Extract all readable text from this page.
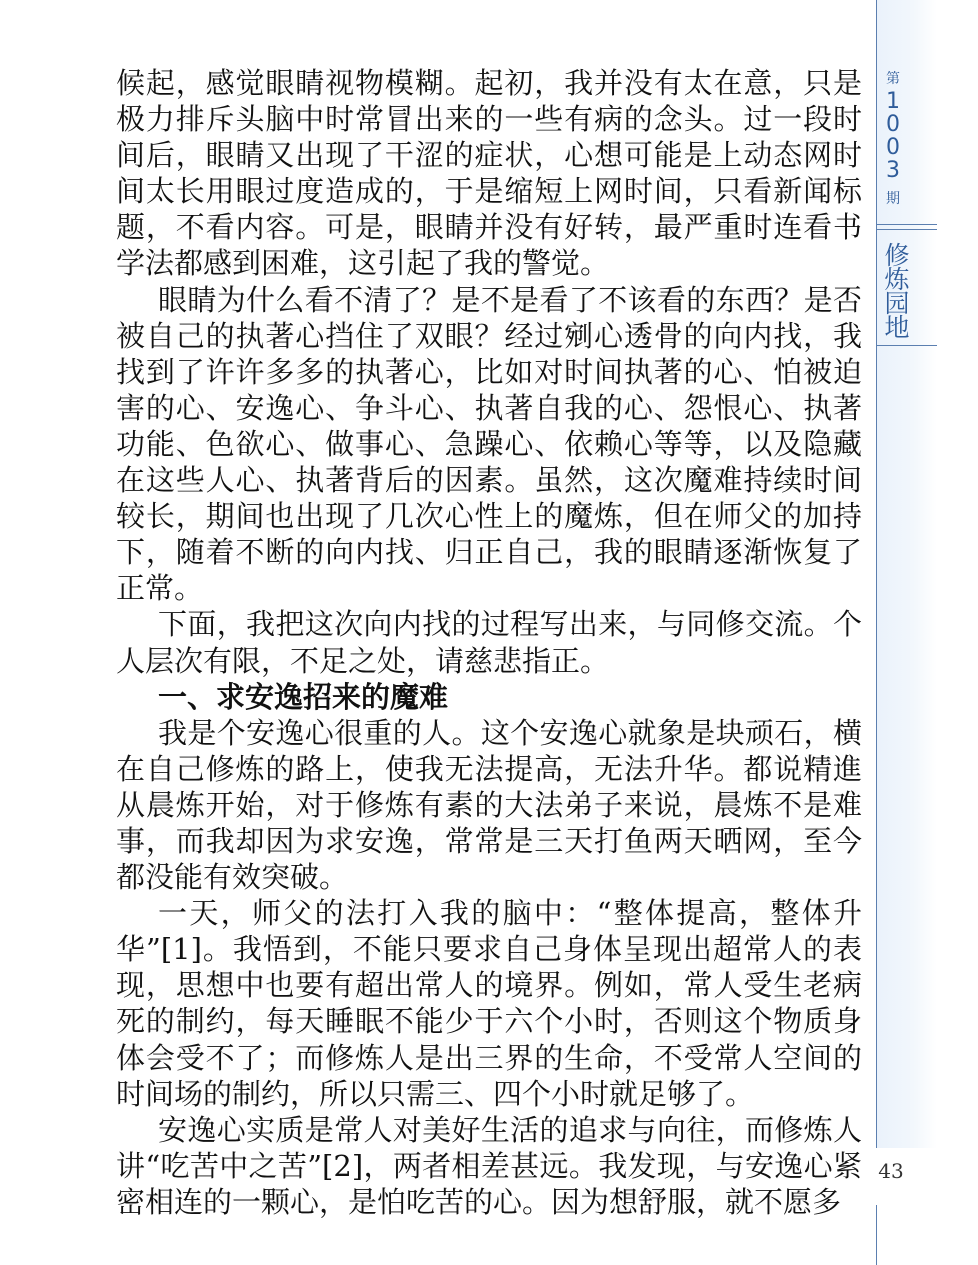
候起，感觉眼睛视物模糊。起初，我并没有太在意，只是极力排斥头脑中时常冒出来的一些有病的念头。过一段时间后，眼睛又出现了干涩的症状，心想可能是上动态网时间太长用眼过度造成的，于是缩短上网时间，只看新闻标题，不看内容。可是，眼睛并没有好转，最严重时连看书学法都感到困难，这引起了我的警觉。

眼睛为什么看不清了？是不是看了不该看的东西？是否被自己的执著心挡住了双眼？经过剜心透骨的向内找，我找到了许许多多的执著心，比如对时间执著的心、怕被迫害的心、安逸心、争斗心、执著自我的心、怨恨心、执著功能、色欲心、做事心、急躁心、依赖心等等，以及隐藏在这些人心、执著背后的因素。虽然，这次魔难持续时间较长，期间也出现了几次心性上的魔炼，但在师父的加持下，随着不断的向内找、归正自己，我的眼睛逐渐恢复了正常。

下面，我把这次向内找的过程写出来，与同修交流。个人层次有限，不足之处，请慈悲指正。

一、求安逸招来的魔难

我是个安逸心很重的人。这个安逸心就象是块顽石，横在自己修炼的路上，使我无法提高，无法升华。都说精進从晨炼开始，对于修炼有素的大法弟子来说，晨炼不是难事，而我却因为求安逸，常常是三天打鱼两天晒网，至今都没能有效突破。

一天，师父的法打入我的脑中：“整体提高，整体升华”[1]。我悟到，不能只要求自己身体呈现出超常人的表现，思想中也要有超出常人的境界。例如，常人受生老病死的制约，每天睡眠不能少于六个小时，否则这个物质身体会受不了；而修炼人是出三界的生命，不受常人空间的时间场的制约，所以只需三、四个小时就足够了。

安逸心实质是常人对美好生活的追求与向往，而修炼人讲“吃苦中之苦”[2]，两者相差甚远。我发现，与安逸心紧密相连的一颗心，是怕吃苦的心。因为想舒服，就不愿多

第
1
0
0
3
期
修炼园地
43
